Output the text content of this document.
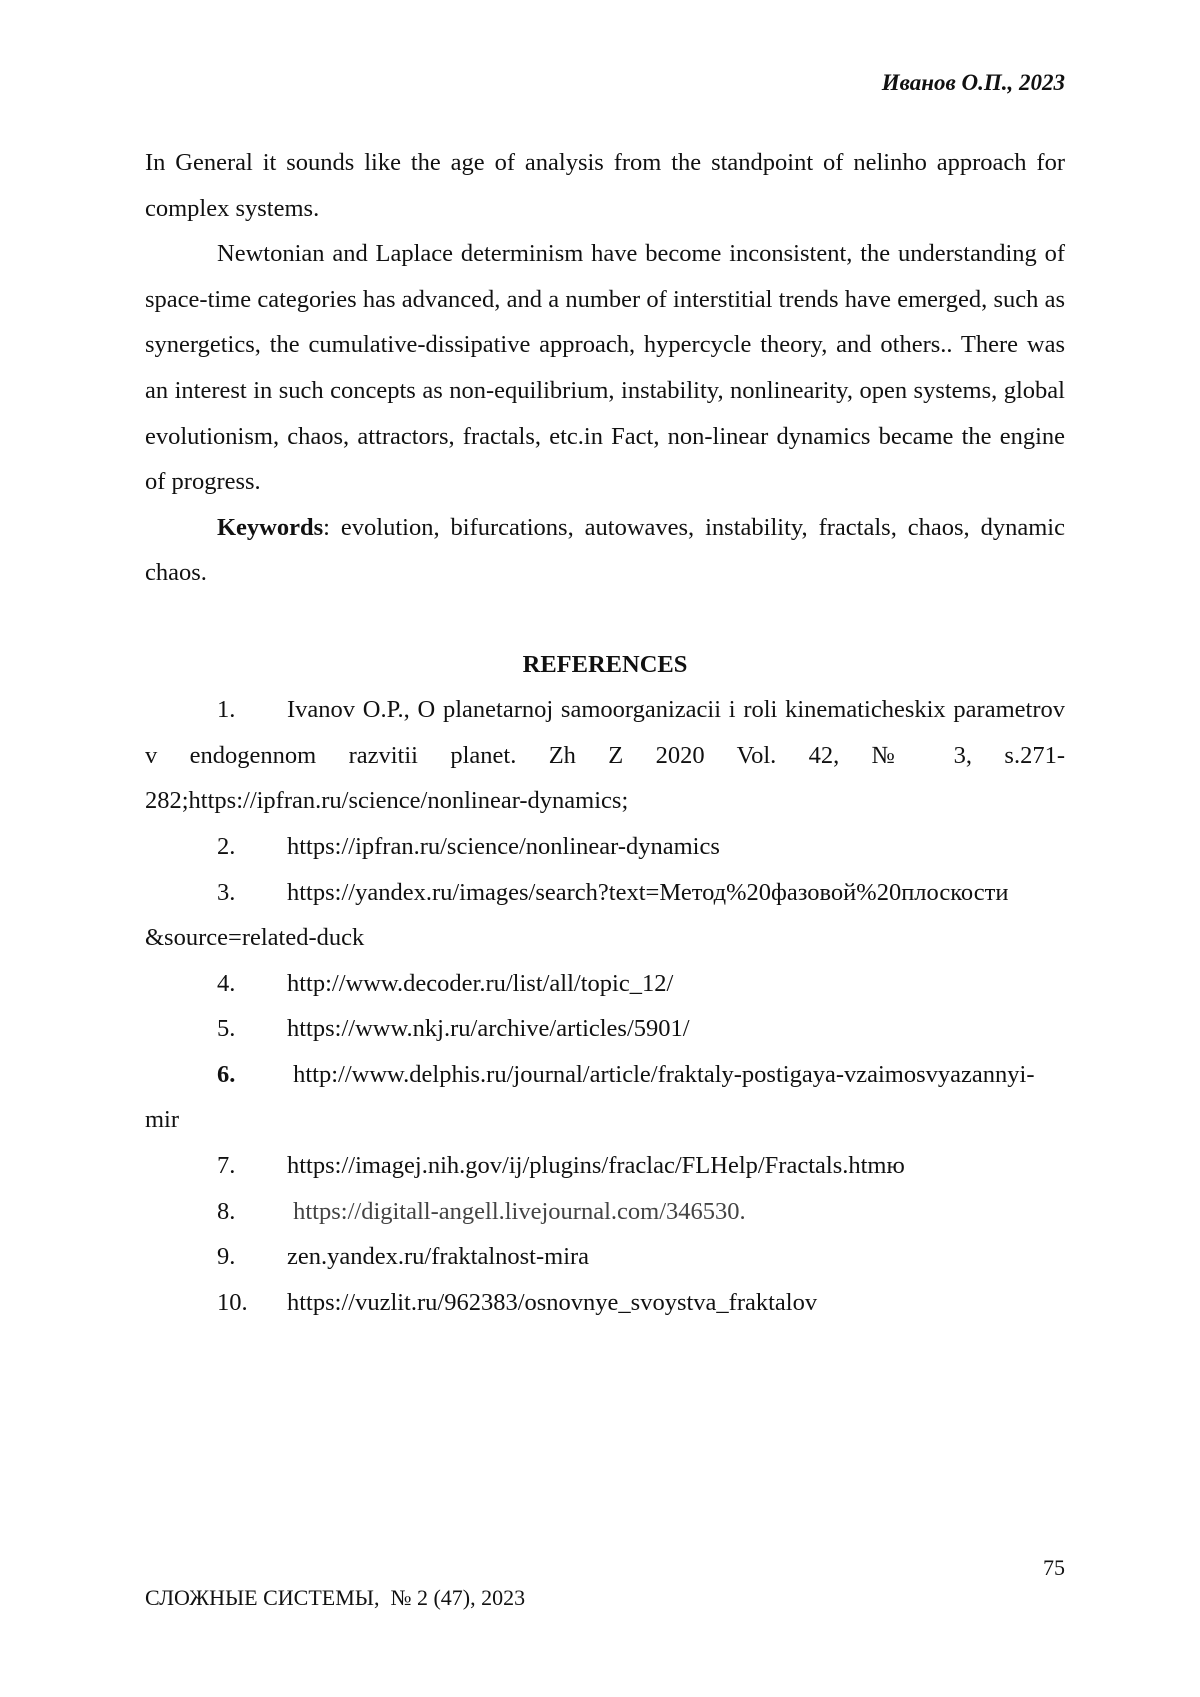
Иванов О.П., 2023

In General it sounds like the age of analysis from the standpoint of nelinho approach for complex systems.

Newtonian and Laplace determinism have become inconsistent, the understanding of space-time categories has advanced, and a number of interstitial trends have emerged, such as synergetics, the cumulative-dissipative approach, hypercycle theory, and others.. There was an interest in such concepts as non-equilibrium, instability, nonlinearity, open systems, global evolutionism, chaos, attractors, fractals, etc.in Fact, non-linear dynamics became the engine of progress.

Keywords: evolution, bifurcations, autowaves, instability, fractals, chaos, dynamic chaos.

REFERENCES

1. Ivanov O.P., O planetarnoj samoorganizacii i roli kinematicheskix parametrov v endogennom razvitii planet. Zh Z 2020 Vol. 42, № 3, s.271-282;https://ipfran.ru/science/nonlinear-dynamics;

2. https://ipfran.ru/science/nonlinear-dynamics

3. https://yandex.ru/images/search?text=Метод%20фазовой%20плоскости &source=related-duck

4. http://www.decoder.ru/list/all/topic_12/

5. https://www.nkj.ru/archive/articles/5901/

6. http://www.delphis.ru/journal/article/fraktaly-postigaya-vzaimosvyazannyi-mir

7. https://imagej.nih.gov/ij/plugins/fraclac/FLHelp/Fractals.htmю

8. https://digitall-angell.livejournal.com/346530.

9. zen.yandex.ru/fraktalnost-mira

10. https://vuzlit.ru/962383/osnovnye_svoystva_fraktalov

75
СЛОЖНЫЕ СИСТЕМЫ,  № 2 (47), 2023
